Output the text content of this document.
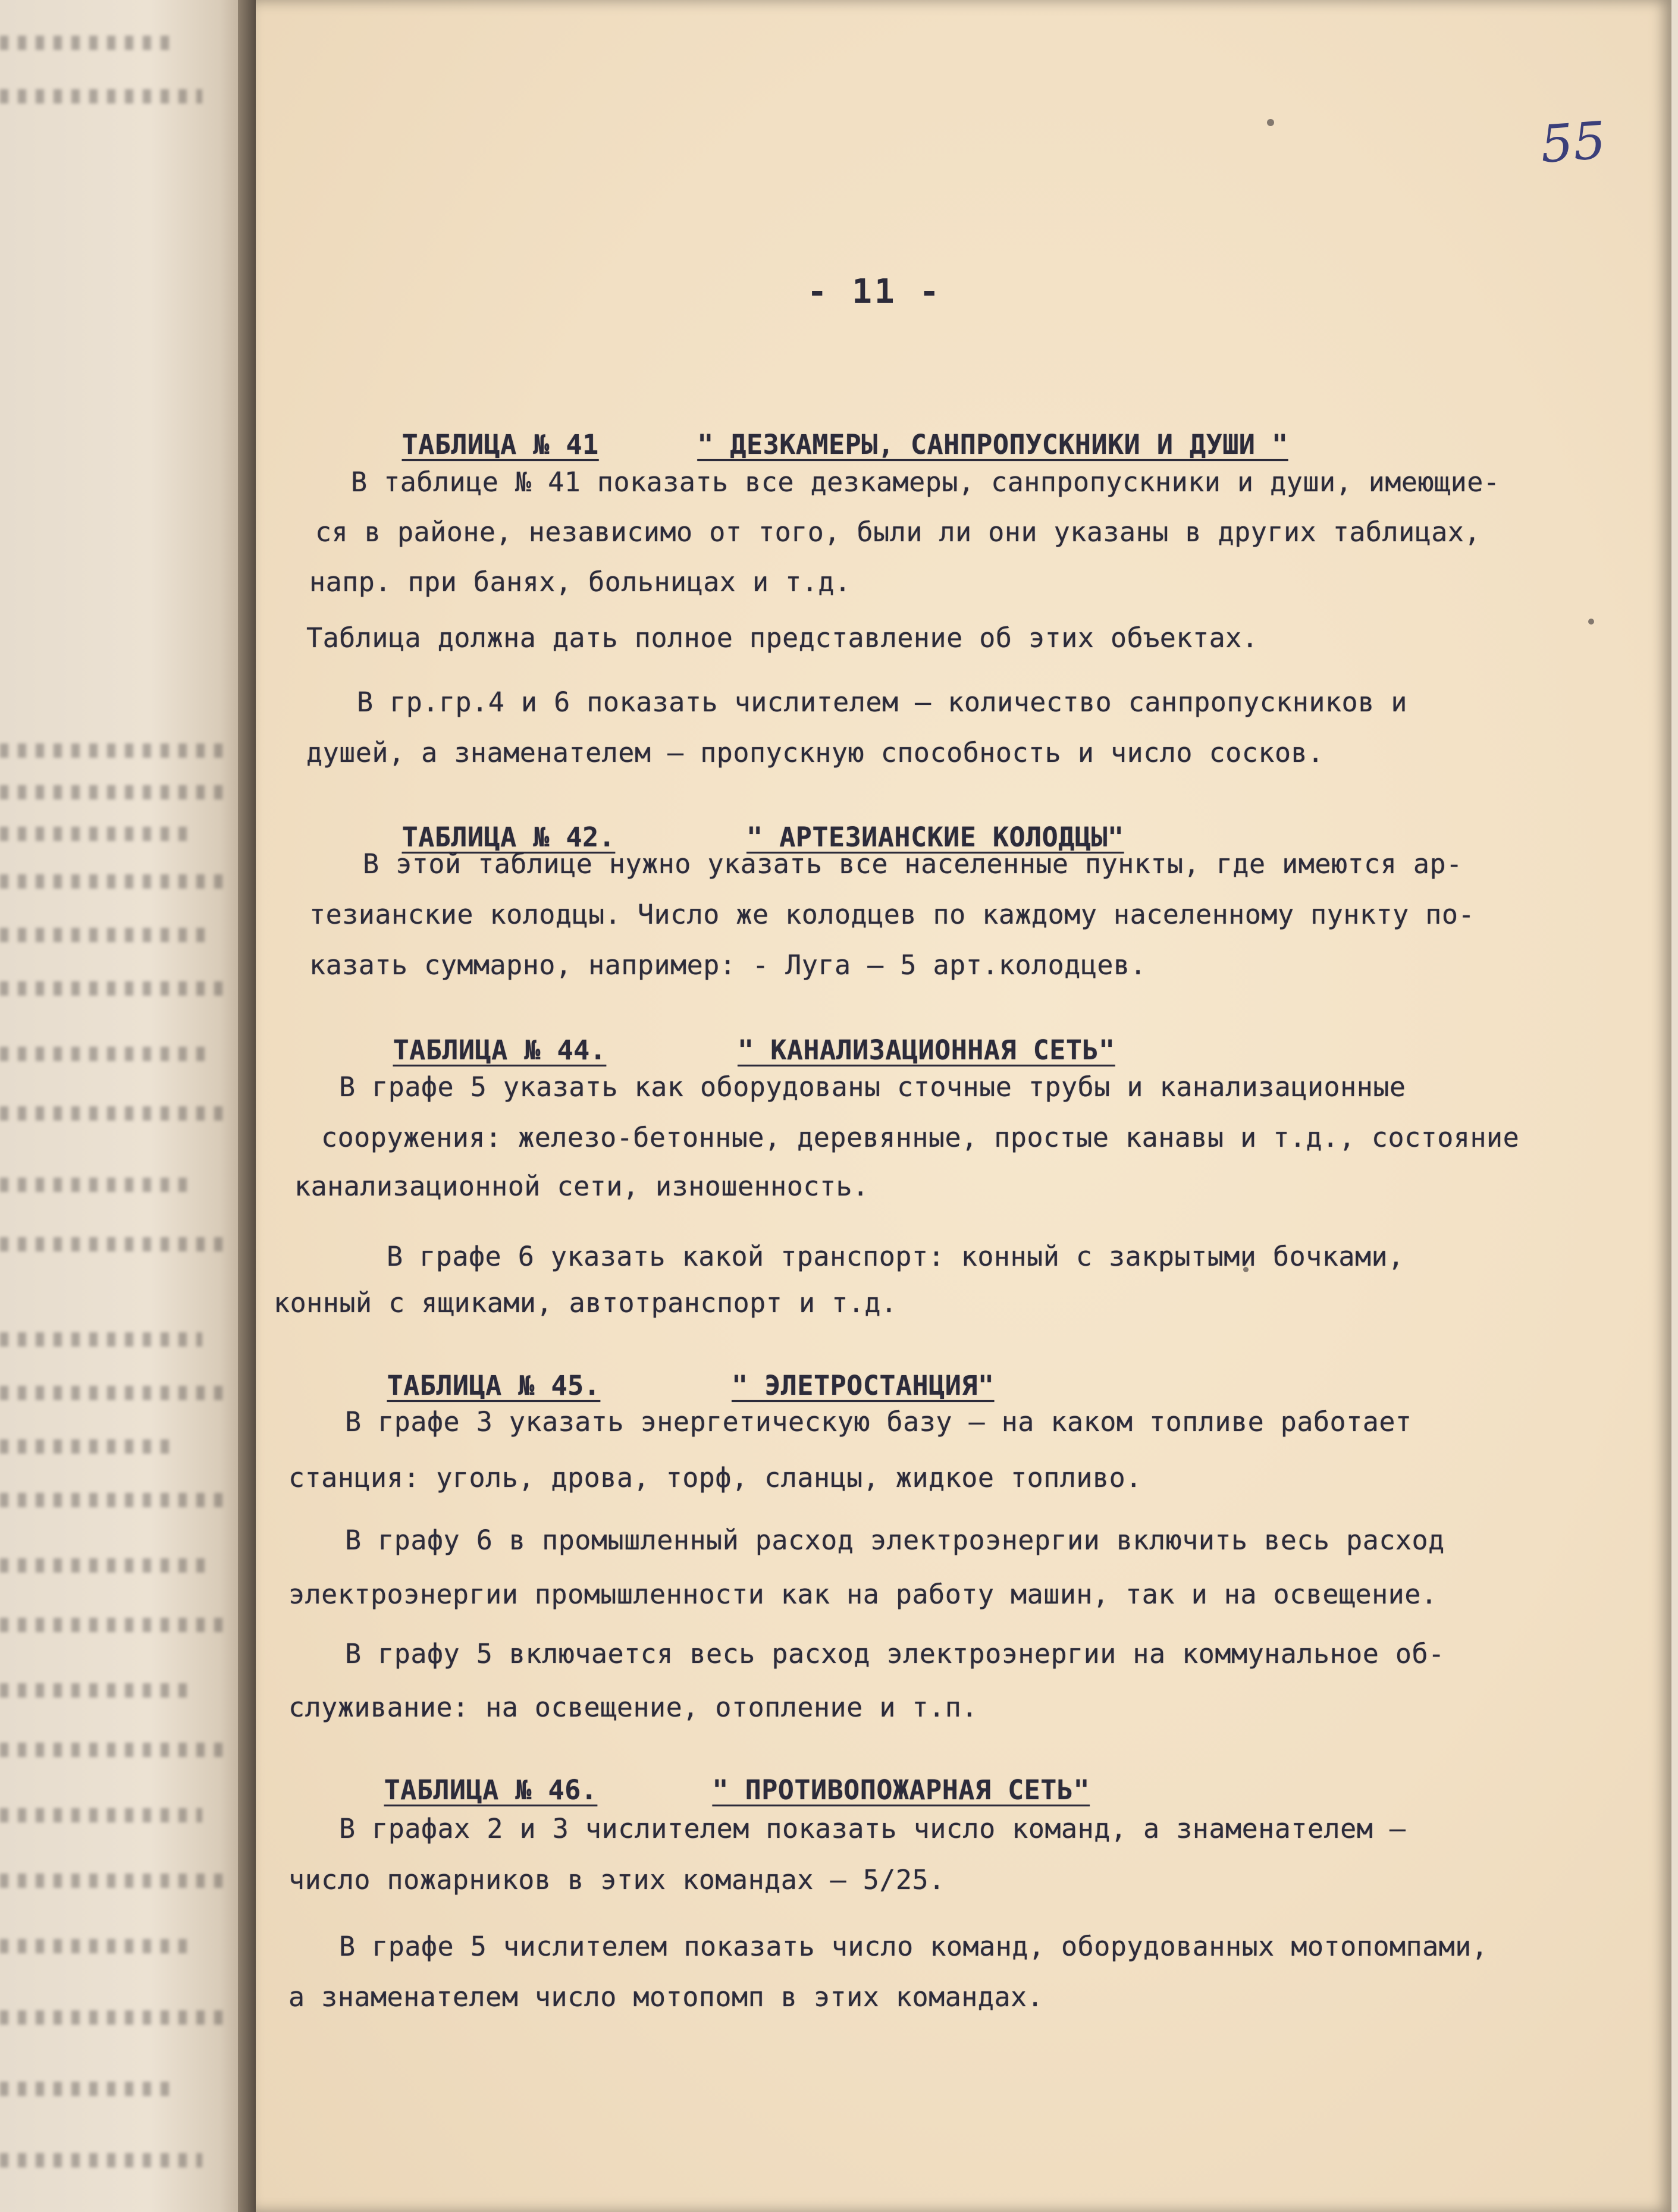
55
- 11 -

ТАБЛИЦА № 41	" ДЕЗКАМЕРЫ, САНПРОПУСКНИКИ И ДУШИ "

В таблице № 41 показать все дезкамеры, санпропускники и души, имеющие-
ся в районе, независимо от того, были ли они указаны в других таблицах,
напр. при банях, больницах и т.д.
Таблица должна дать полное представление об этих объектах.
В гр.гр.4 и 6 показать числителем – количество санпропускников и
душей, а знаменателем – пропускную способность и число сосков.

ТАБЛИЦА № 42.	" АРТЕЗИАНСКИЕ КОЛОДЦЫ"

В этой таблице нужно указать все населенные пункты, где имеются ар-
тезианские колодцы. Число же колодцев по каждому населенному пункту по-
казать суммарно, например: - Луга – 5 арт.колодцев.

ТАБЛИЦА № 44.	" КАНАЛИЗАЦИОННАЯ СЕТЬ"

В графе 5 указать как оборудованы сточные трубы и канализационные
сооружения: железо-бетонные, деревянные, простые канавы и т.д., состояние
канализационной сети, изношенность.
В графе 6 указать какой транспорт: конный с закрытыми бочками,
конный с ящиками, автотранспорт и т.д.

ТАБЛИЦА № 45.	" ЭЛЕТРОСТАНЦИЯ"

В графе 3 указать энергетическую базу – на каком топливе работает
станция: уголь, дрова, торф, сланцы, жидкое топливо.
В графу 6 в промышленный расход электроэнергии включить весь расход
электроэнергии промышленности как на работу машин, так и на освещение.
В графу 5 включается весь расход электроэнергии на коммунальное об-
служивание: на освещение, отопление и т.п.

ТАБЛИЦА № 46.	" ПРОТИВОПОЖАРНАЯ СЕТЬ"

В графах 2 и 3 числителем показать число команд, а знаменателем –
число пожарников в этих командах – 5/25.
В графе 5 числителем показать число команд, оборудованных мотопомпами,
а знаменателем число мотопомп в этих командах.
